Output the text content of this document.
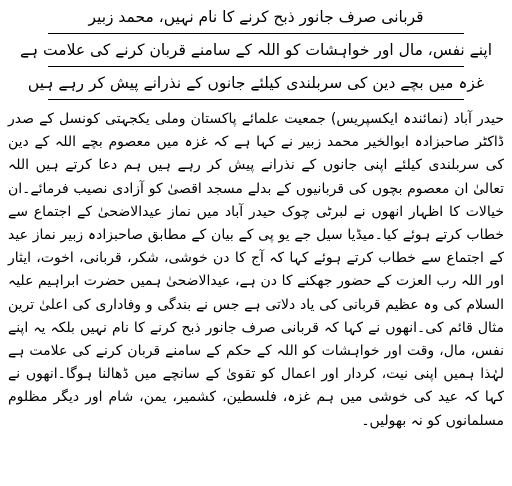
قربانی صرف جانور ذبح کرنے کا نام نہیں، محمد زبیر
اپنے نفس، مال اور خواہشات کو اللہ کے سامنے قربان کرنے کی علامت ہے
غزہ میں بچے دین کی سربلندی کیلئے جانوں کے نذرانے پیش کر رہے ہیں
حیدر آباد (نمائندہ ایکسپریس) جمعیت علمائے پاکستان وملی یکجہتی کونسل کے صدر ڈاکٹر صاحبزادہ ابوالخیر محمد زبیر نے کہا ہے کہ غزہ میں معصوم بچے اللہ کے دین کی سربلندی کیلئے اپنی جانوں کے نذرانے پیش کر رہے ہیں ہم دعا کرتے ہیں اللہ تعالیٰ ان معصوم بچوں کی قربانیوں کے بدلے مسجد اقصیٰ کو آزادی نصیب فرمائے۔ان خیالات کا اظہار انھوں نے لبرٹی چوک حیدر آباد میں نماز عیدالاضحیٰ کے اجتماع سے خطاب کرتے ہوئے کیا۔میڈیا سیل جے یو پی کے بیان کے مطابق صاحبزادہ زبیر نماز عید کے اجتماع سے خطاب کرتے ہوئے کہا کہ آج کا دن خوشی، شکر، قربانی، اخوت، ایثار اور اللہ رب العزت کے حضور جھکنے کا دن ہے، عیدالاضحیٰ ہمیں حضرت ابراہیم علیہ السلام کی وہ عظیم قربانی کی یاد دلاتی ہے جس نے بندگی و وفاداری کی اعلیٰ ترین مثال قائم کی۔انھوں نے کہا کہ قربانی صرف جانور ذبح کرنے کا نام نہیں بلکہ یہ اپنے نفس، مال، وقت اور خواہشات کو اللہ کے حکم کے سامنے قربان کرنے کی علامت ہے لہٰذا ہمیں اپنی نیت، کردار اور اعمال کو تقویٰ کے سانچے میں ڈھالنا ہوگا۔انھوں نے کہا کہ عید کی خوشی میں ہم غزہ، فلسطین، کشمیر، یمن، شام اور دیگر مظلوم مسلمانوں کو نہ بھولیں۔
